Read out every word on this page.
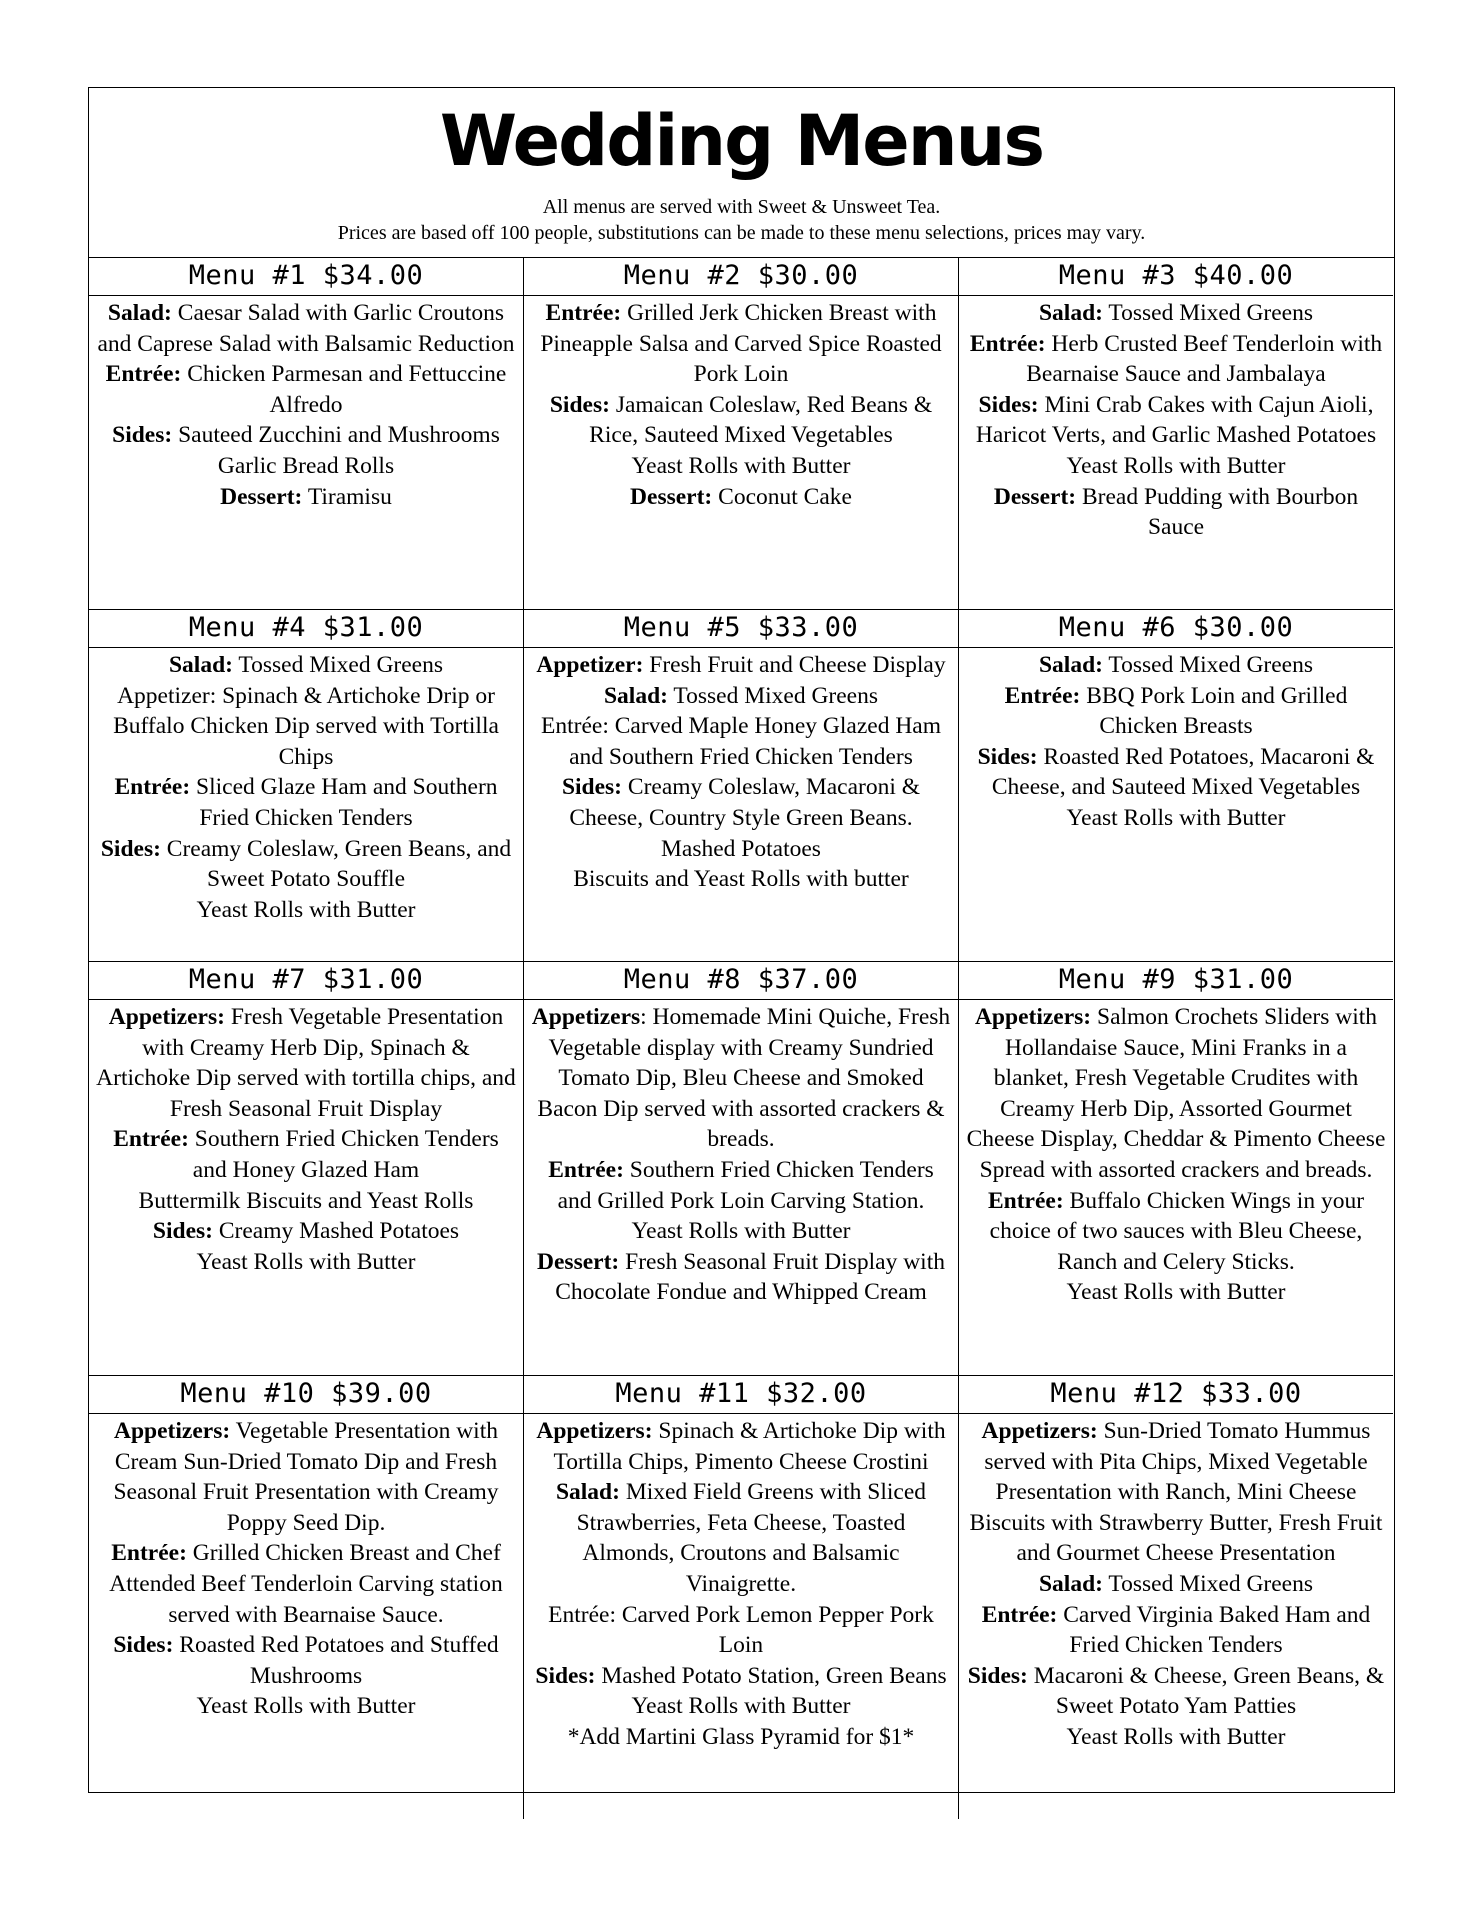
Wedding Menus
All menus are served with Sweet & Unsweet Tea.
Prices are based off 100 people, substitutions can be made to these menu selections, prices may vary.
Menu #1 $34.00
Salad: Caesar Salad with Garlic Croutons and Caprese Salad with Balsamic Reduction
Entrée: Chicken Parmesan and Fettuccine Alfredo
Sides: Sauteed Zucchini and Mushrooms
Garlic Bread Rolls
Dessert: Tiramisu
Menu #2 $30.00
Entrée: Grilled Jerk Chicken Breast with Pineapple Salsa and Carved Spice Roasted Pork Loin
Sides: Jamaican Coleslaw, Red Beans & Rice, Sauteed Mixed Vegetables
Yeast Rolls with Butter
Dessert: Coconut Cake
Menu #3 $40.00
Salad: Tossed Mixed Greens
Entrée: Herb Crusted Beef Tenderloin with Bearnaise Sauce and Jambalaya
Sides: Mini Crab Cakes with Cajun Aioli, Haricot Verts, and Garlic Mashed Potatoes
Yeast Rolls with Butter
Dessert: Bread Pudding with Bourbon Sauce
Menu #4 $31.00
Salad: Tossed Mixed Greens
Appetizer: Spinach & Artichoke Drip or Buffalo Chicken Dip served with Tortilla Chips
Entrée: Sliced Glaze Ham and Southern Fried Chicken Tenders
Sides: Creamy Coleslaw, Green Beans, and Sweet Potato Souffle
Yeast Rolls with Butter
Menu #5 $33.00
Appetizer: Fresh Fruit and Cheese Display
Salad: Tossed Mixed Greens
Entrée: Carved Maple Honey Glazed Ham and Southern Fried Chicken Tenders
Sides: Creamy Coleslaw, Macaroni & Cheese, Country Style Green Beans. Mashed Potatoes
Biscuits and Yeast Rolls with butter
Menu #6 $30.00
Salad: Tossed Mixed Greens
Entrée: BBQ Pork Loin and Grilled Chicken Breasts
Sides: Roasted Red Potatoes, Macaroni & Cheese, and Sauteed Mixed Vegetables
Yeast Rolls with Butter
Menu #7 $31.00
Appetizers: Fresh Vegetable Presentation with Creamy Herb Dip, Spinach & Artichoke Dip served with tortilla chips, and Fresh Seasonal Fruit Display
Entrée: Southern Fried Chicken Tenders and Honey Glazed Ham
Buttermilk Biscuits and Yeast Rolls
Sides: Creamy Mashed Potatoes
Yeast Rolls with Butter
Menu #8 $37.00
Appetizers: Homemade Mini Quiche, Fresh Vegetable display with Creamy Sundried Tomato Dip, Bleu Cheese and Smoked Bacon Dip served with assorted crackers & breads.
Entrée: Southern Fried Chicken Tenders and Grilled Pork Loin Carving Station.
Yeast Rolls with Butter
Dessert: Fresh Seasonal Fruit Display with Chocolate Fondue and Whipped Cream
Menu #9 $31.00
Appetizers: Salmon Crochets Sliders with Hollandaise Sauce, Mini Franks in a blanket, Fresh Vegetable Crudites with Creamy Herb Dip, Assorted Gourmet Cheese Display, Cheddar & Pimento Cheese Spread with assorted crackers and breads.
Entrée: Buffalo Chicken Wings in your choice of two sauces with Bleu Cheese, Ranch and Celery Sticks.
Yeast Rolls with Butter
Menu #10 $39.00
Appetizers: Vegetable Presentation with Cream Sun-Dried Tomato Dip and Fresh Seasonal Fruit Presentation with Creamy Poppy Seed Dip.
Entrée: Grilled Chicken Breast and Chef Attended Beef Tenderloin Carving station served with Bearnaise Sauce.
Sides: Roasted Red Potatoes and Stuffed Mushrooms
Yeast Rolls with Butter
Menu #11 $32.00
Appetizers: Spinach & Artichoke Dip with Tortilla Chips, Pimento Cheese Crostini
Salad: Mixed Field Greens with Sliced Strawberries, Feta Cheese, Toasted Almonds, Croutons and Balsamic Vinaigrette.
Entrée: Carved Pork Lemon Pepper Pork Loin
Sides: Mashed Potato Station, Green Beans
Yeast Rolls with Butter
*Add Martini Glass Pyramid for $1*
Menu #12 $33.00
Appetizers: Sun-Dried Tomato Hummus served with Pita Chips, Mixed Vegetable Presentation with Ranch, Mini Cheese Biscuits with Strawberry Butter, Fresh Fruit and Gourmet Cheese Presentation
Salad: Tossed Mixed Greens
Entrée: Carved Virginia Baked Ham and Fried Chicken Tenders
Sides: Macaroni & Cheese, Green Beans, & Sweet Potato Yam Patties
Yeast Rolls with Butter
